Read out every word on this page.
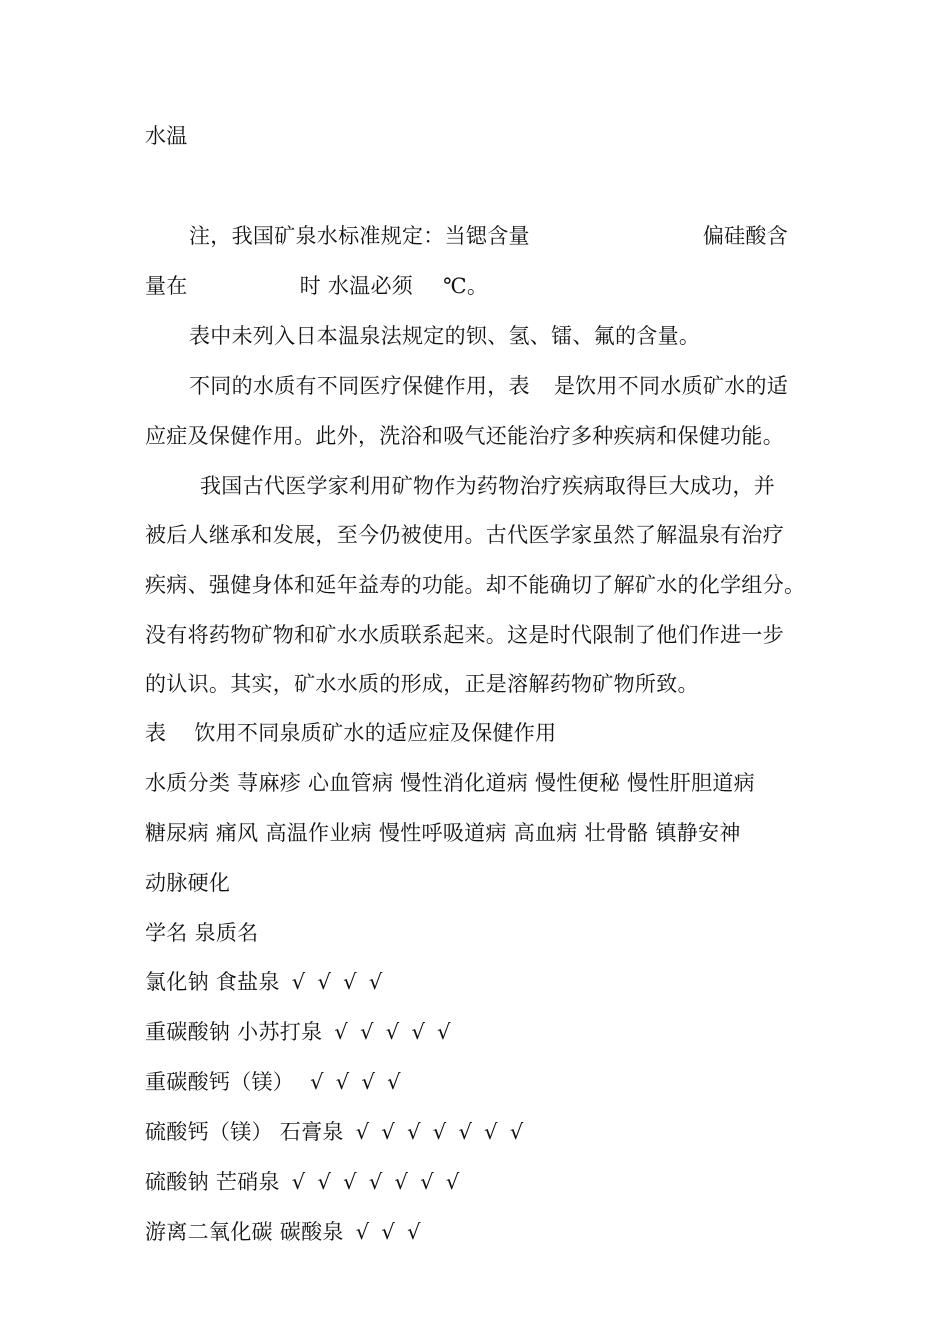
水温
注，我国矿泉水标准规定：当锶含量	偏硅酸含
量在	时 水温必须 ℃。
表中未列入日本温泉法规定的钡、氢、镭、氟的含量。
不同的水质有不同医疗保健作用，表 是饮用不同水质矿水的适
应症及保健作用。此外，洗浴和吸气还能治疗多种疾病和保健功能。
我国古代医学家利用矿物作为药物治疗疾病取得巨大成功，并
被后人继承和发展，至今仍被使用。古代医学家虽然了解温泉有治疗
疾病、强健身体和延年益寿的功能。却不能确切了解矿水的化学组分。
没有将药物矿物和矿水水质联系起来。这是时代限制了他们作进一步
的认识。其实，矿水水质的形成，正是溶解药物矿物所致。
表 饮用不同泉质矿水的适应症及保健作用
水质分类 荨麻疹 心血管病 慢性消化道病 慢性便秘 慢性肝胆道病
糖尿病 痛风 高温作业病 慢性呼吸道病 高血病 壮骨骼 镇静安神
动脉硬化
学名 泉质名
氯化钠 食盐泉 √ √ √ √
重碳酸钠 小苏打泉 √ √ √ √ √
重碳酸钙（镁） √ √ √ √
硫酸钙（镁） 石膏泉 √ √ √ √ √ √ √
硫酸钠 芒硝泉 √ √ √ √ √ √ √
游离二氧化碳 碳酸泉 √ √ √
